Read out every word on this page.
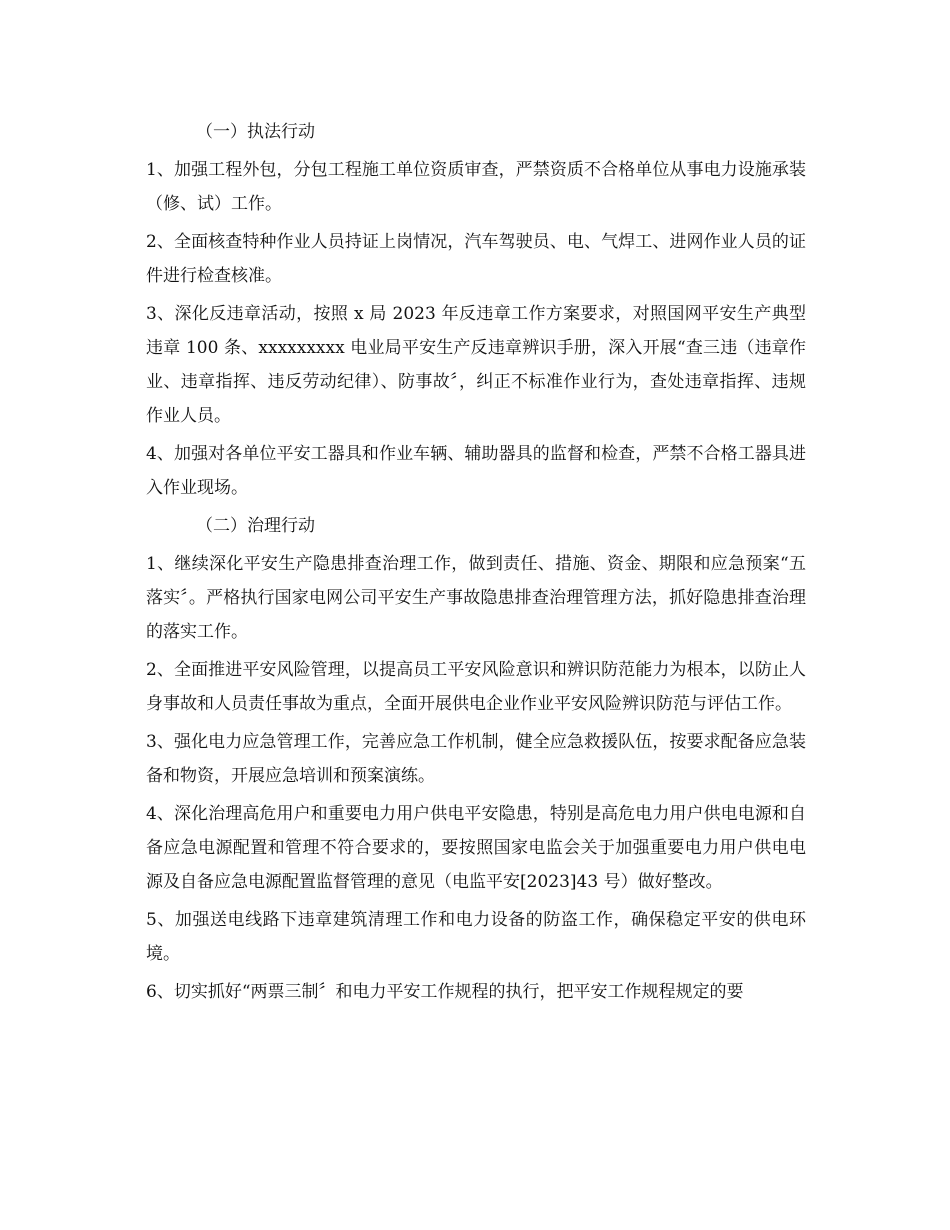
（一）执法行动

1、加强工程外包，分包工程施工单位资质审查，严禁资质不合格单位从事电力设施承装（修、试）工作。

2、全面核查特种作业人员持证上岗情况，汽车驾驶员、电、气焊工、进网作业人员的证件进行检查核准。

3、深化反违章活动，按照 x 局 2023 年反违章工作方案要求，对照国网平安生产典型违章 100 条、xxxxxxxxx 电业局平安生产反违章辨识手册，深入开展“查三违（违章作业、违章指挥、违反劳动纪律）、防事故〞，纠正不标准作业行为，查处违章指挥、违规作业人员。

4、加强对各单位平安工器具和作业车辆、辅助器具的监督和检查，严禁不合格工器具进入作业现场。

（二）治理行动

1、继续深化平安生产隐患排查治理工作，做到责任、措施、资金、期限和应急预案“五落实〞。严格执行国家电网公司平安生产事故隐患排查治理管理方法，抓好隐患排查治理的落实工作。

2、全面推进平安风险管理，以提高员工平安风险意识和辨识防范能力为根本，以防止人身事故和人员责任事故为重点，全面开展供电企业作业平安风险辨识防范与评估工作。

3、强化电力应急管理工作，完善应急工作机制，健全应急救援队伍，按要求配备应急装备和物资，开展应急培训和预案演练。

4、深化治理高危用户和重要电力用户供电平安隐患，特别是高危电力用户供电电源和自备应急电源配置和管理不符合要求的，要按照国家电监会关于加强重要电力用户供电电源及自备应急电源配置监督管理的意见（电监平安[2023]43 号）做好整改。

5、加强送电线路下违章建筑清理工作和电力设备的防盗工作，确保稳定平安的供电环境。

6、切实抓好“两票三制〞和电力平安工作规程的执行，把平安工作规程规定的要
